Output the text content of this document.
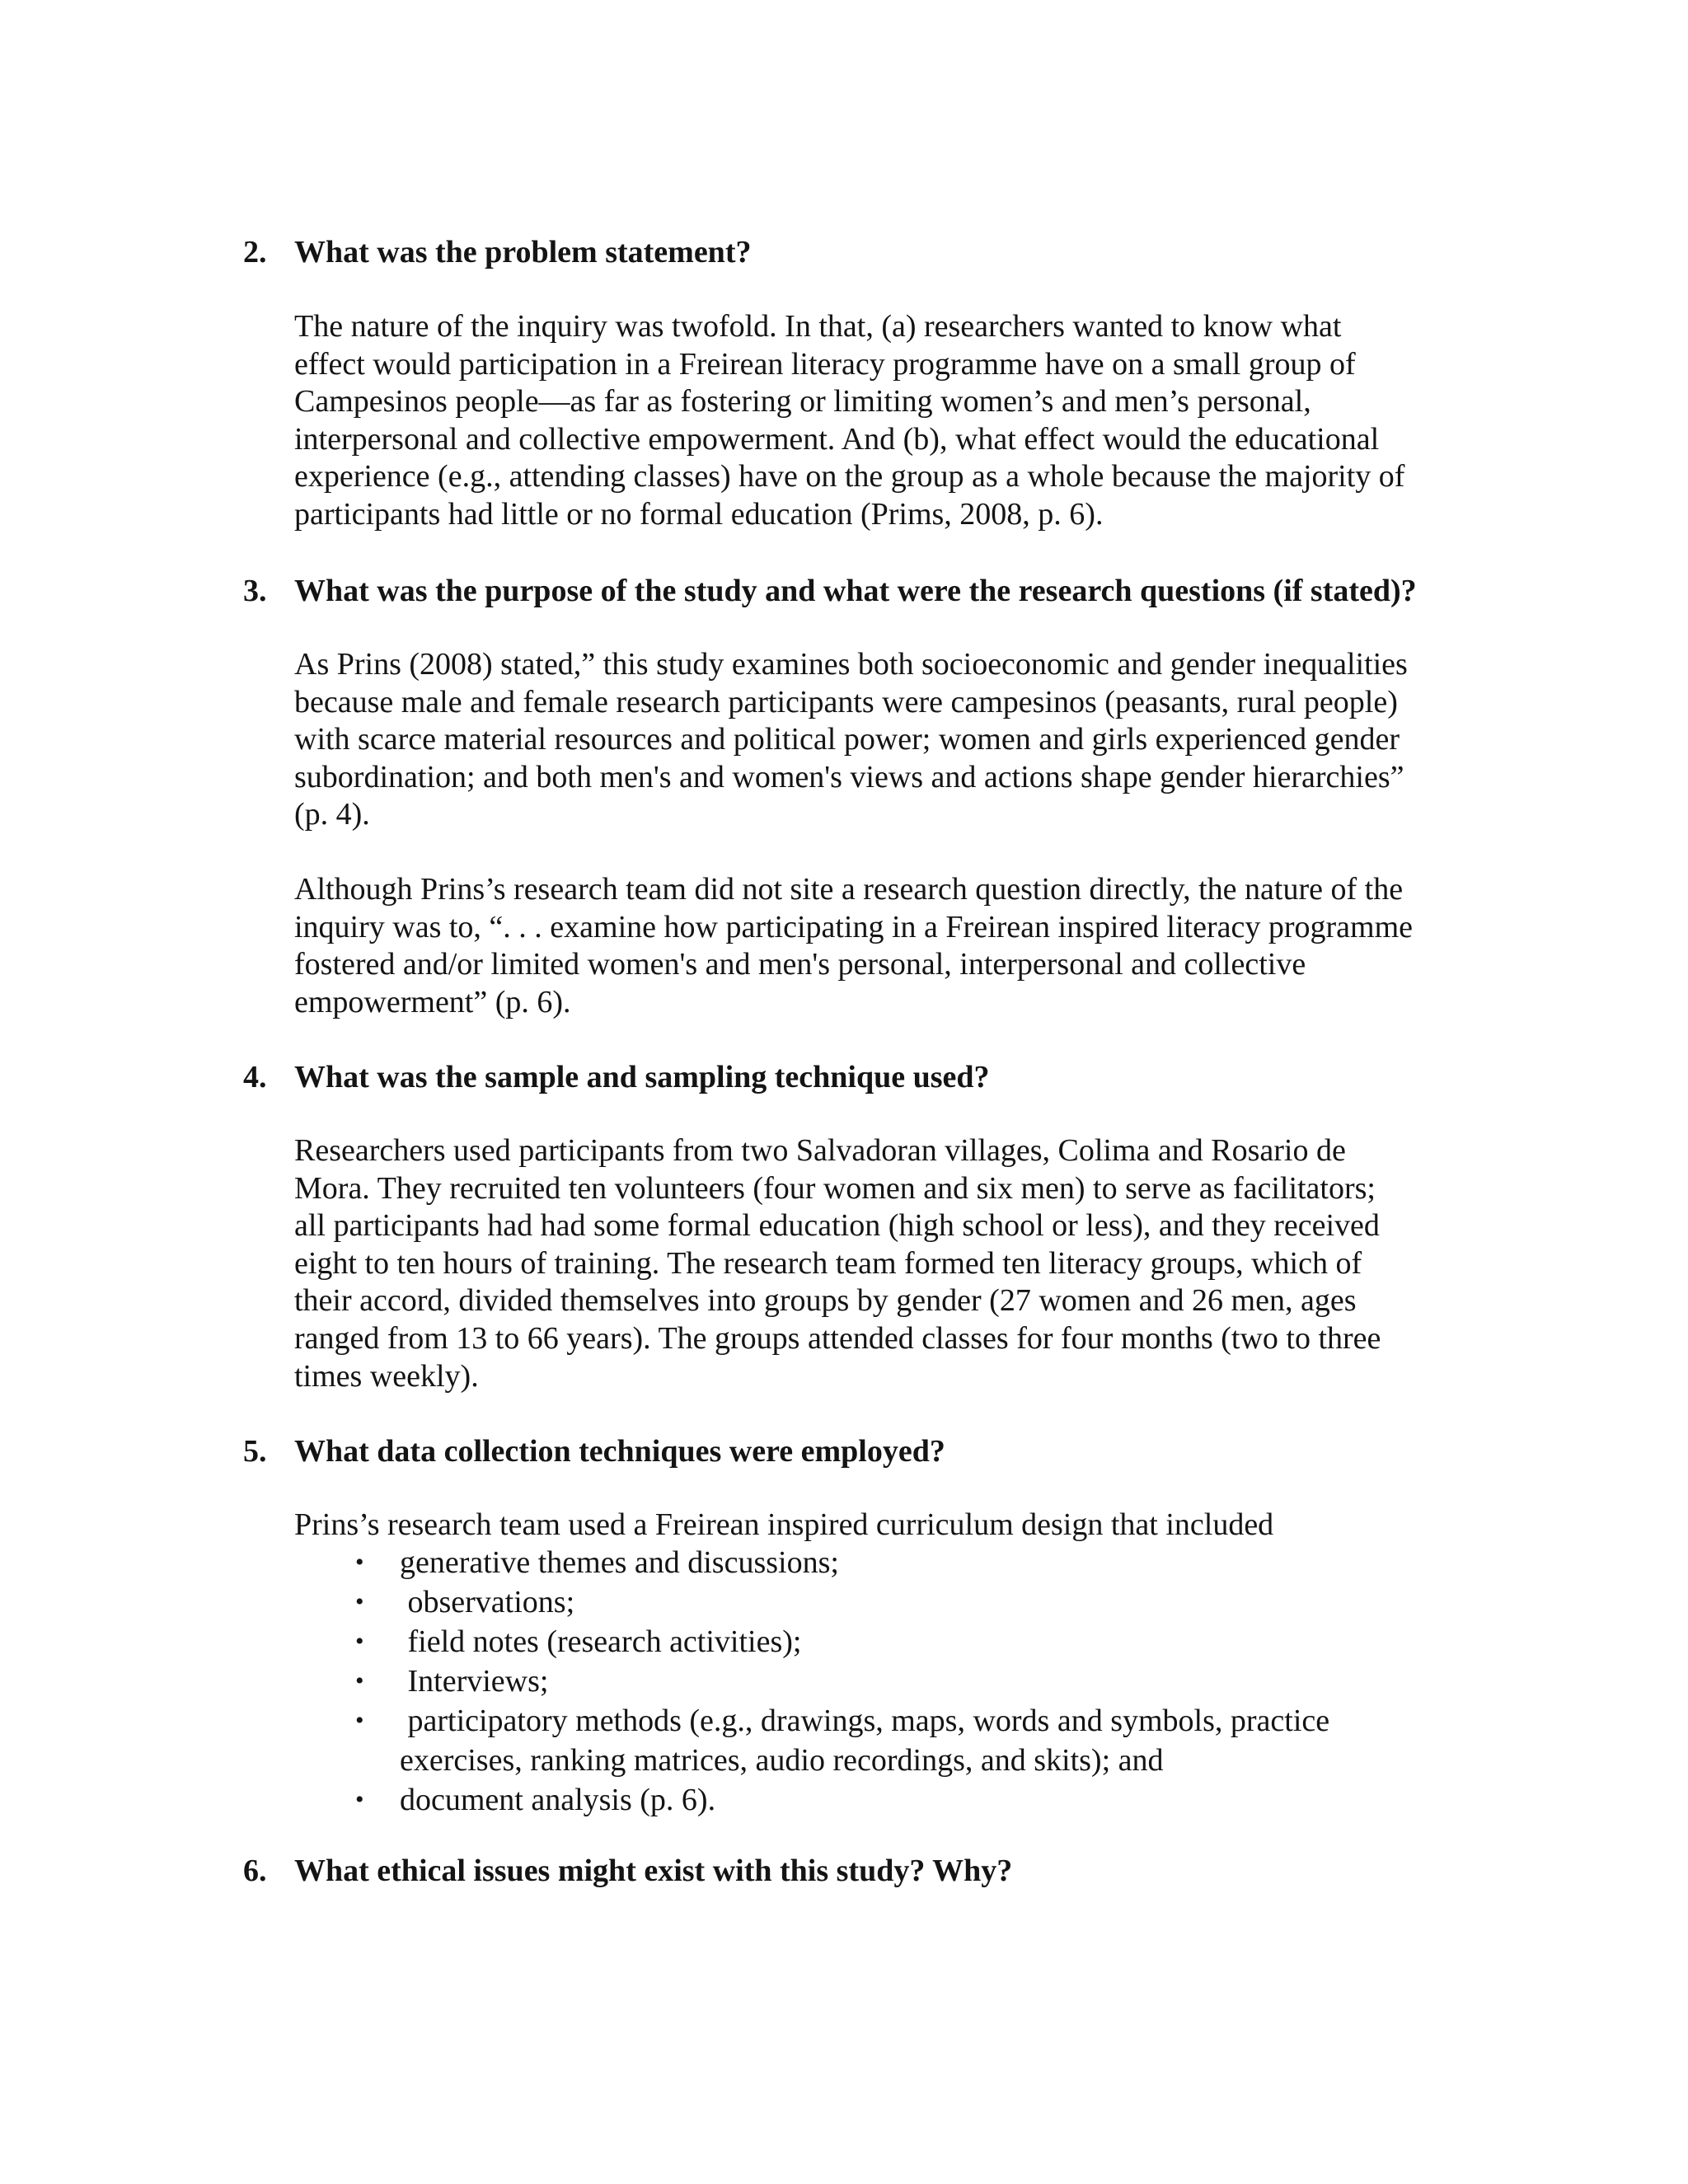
2. What was the problem statement?

The nature of the inquiry was twofold. In that, (a) researchers wanted to know what
effect would participation in a Freirean literacy programme have on a small group of
Campesinos people—as far as fostering or limiting women’s and men’s personal,
interpersonal and collective empowerment. And (b), what effect would the educational
experience (e.g., attending classes) have on the group as a whole because the majority of
participants had little or no formal education (Prims, 2008, p. 6).

3. What was the purpose of the study and what were the research questions (if stated)?

As Prins (2008) stated,” this study examines both socioeconomic and gender inequalities
because male and female research participants were campesinos (peasants, rural people)
with scarce material resources and political power; women and girls experienced gender
subordination; and both men's and women's views and actions shape gender hierarchies”
(p. 4).

Although Prins’s research team did not site a research question directly, the nature of the
inquiry was to, “. . . examine how participating in a Freirean inspired literacy programme
fostered and/or limited women's and men's personal, interpersonal and collective
empowerment” (p. 6).

4. What was the sample and sampling technique used?

Researchers used participants from two Salvadoran villages, Colima and Rosario de
Mora. They recruited ten volunteers (four women and six men) to serve as facilitators;
all participants had had some formal education (high school or less), and they received
eight to ten hours of training. The research team formed ten literacy groups, which of
their accord, divided themselves into groups by gender (27 women and 26 men, ages
ranged from 13 to 66 years). The groups attended classes for four months (two to three
times weekly).

5. What data collection techniques were employed?

Prins’s research team used a Freirean inspired curriculum design that included

• generative themes and discussions;
• observations;
• field notes (research activities);
• Interviews;
• participatory methods (e.g., drawings, maps, words and symbols, practice
exercises, ranking matrices, audio recordings, and skits); and
• document analysis (p. 6).
6. What ethical issues might exist with this study? Why?
